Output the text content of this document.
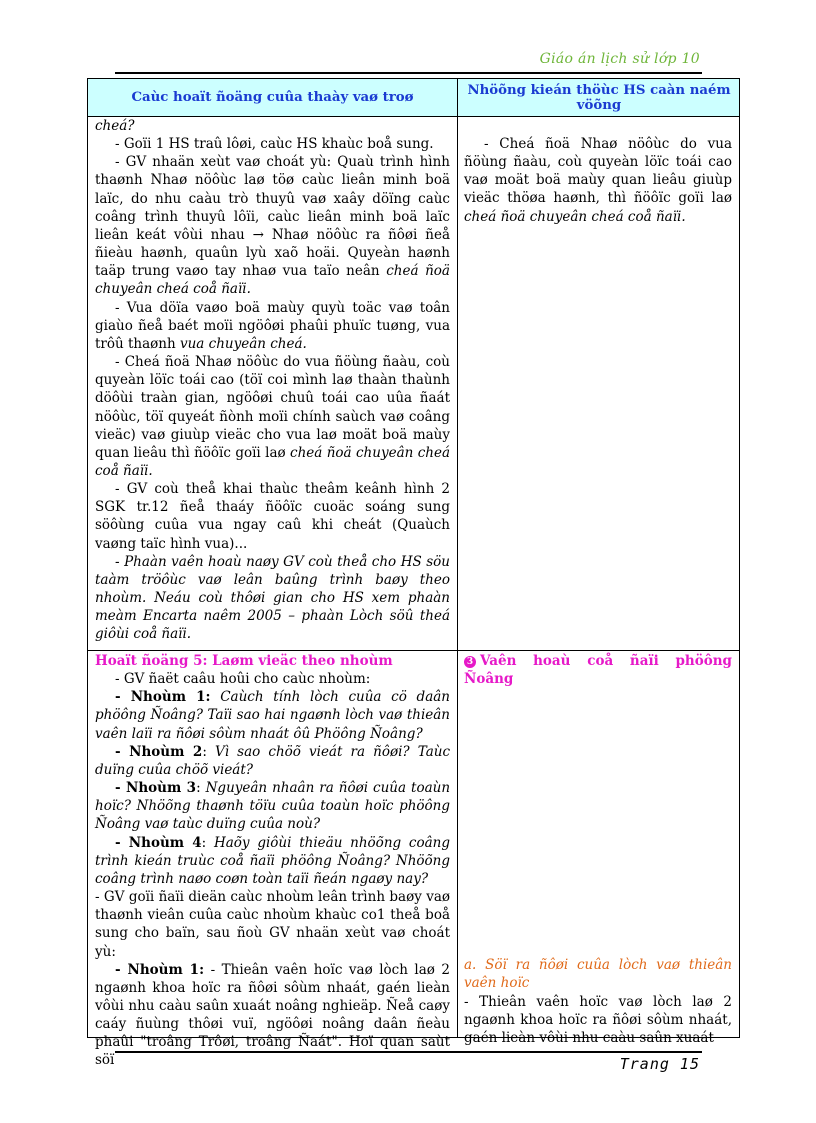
Giáo án lịch sử lớp 10
Caùc hoaït ñoäng cuûa thaày vaø troø	Nhöõng kieán thöùc HS caàn naém vöõng

cheá?

- Goïi 1 HS traû lôøi, caùc HS khaùc boå sung.

- GV nhaän xeùt vaø choát yù: Quaù trình hình thaønh Nhaø nöôùc laø töø caùc lieân minh boä laïc, do nhu caàu trò thuyû vaø xaây döïng caùc coâng trình thuyû lôïi, caùc lieân minh boä laïc lieân keát vôùi nhau → Nhaø nöôùc ra ñôøi ñeå ñieàu haønh, quaûn lyù xaõ hoäi. Quyeàn haønh taäp trung vaøo tay nhaø vua taïo neân cheá ñoä chuyeân cheá coå ñaïi.

- Vua döïa vaøo boä maùy quyù toäc vaø toân giaùo ñeå baét moïi ngöôøi phaûi phuïc tuøng, vua trôû thaønh vua chuyeân cheá.

- Cheá ñoä Nhaø nöôùc do vua ñöùng ñaàu, coù quyeàn löïc toái cao (töï coi mình laø thaàn thaùnh döôùi traàn gian, ngöôøi chuû toái cao uûa ñaát nöôùc, töï quyeát ñònh moïi chính saùch vaø coâng vieäc) vaø giuùp vieäc cho vua laø moät boä maùy quan lieâu thì ñöôïc goïi laø cheá ñoä chuyeân cheá coå ñaïi.

- GV coù theå khai thaùc theâm keânh hình 2 SGK tr.12 ñeå thaáy ñöôïc cuoäc soáng sung söôùng cuûa vua ngay caû khi cheát (Quaùch vaøng taïc hình vua)...

- Phaàn vaên hoaù naøy GV coù theå cho HS söu taàm tröôùc vaø leân baûng trình baøy theo nhoùm. Neáu coù thôøi gian cho HS xem phaàn meàm Encarta naêm 2005 – phaàn Lòch söû theá giôùi coå ñaïi.

- Cheá ñoä Nhaø nöôùc do vua ñöùng ñaàu, coù quyeàn löïc toái cao vaø moät boä maùy quan lieâu giuùp vieäc thöøa haønh, thì ñöôïc goïi laø cheá ñoä chuyeân cheá coå ñaïi.

Hoaït ñoäng 5: Laøm vieäc theo nhoùm

- GV ñaët caâu hoûi cho caùc nhoùm:

- Nhoùm 1: Caùch tính lòch cuûa cö daân phöông Ñoâng? Taïi sao hai ngaønh lòch vaø thieân vaên laïi ra ñôøi sôùm nhaát ôû Phöông Ñoâng?

- Nhoùm 2: Vì sao chöõ vieát ra ñôøi? Taùc duïng cuûa chöõ vieát?

- Nhoùm 3: Nguyeân nhaân ra ñôøi cuûa toaùn hoïc? Nhöõng thaønh töïu cuûa toaùn hoïc phöông Ñoâng vaø taùc duïng cuûa noù?

- Nhoùm 4: Haõy giôùi thieäu nhöõng coâng trình kieán truùc coå ñaïi phöông Ñoâng? Nhöõng coâng trình naøo coøn toàn taïi ñeán ngaøy nay?

- GV goïi ñaïi dieän caùc nhoùm leân trình baøy vaø thaønh vieân cuûa caùc nhoùm khaùc co1 theå boå sung cho baïn, sau ñoù GV nhaän xeùt vaø choát yù:

- Nhoùm 1: - Thieân vaên hoïc vaø lòch laø 2 ngaønh khoa hoïc ra ñôøi sôùm nhaát, gaén lieàn vôùi nhu caàu saûn xuaát noâng nghieäp. Ñeå caøy caáy ñuùng thôøi vuï, ngöôøi noâng daân ñeàu phaûi "troâng Trôøi, troâng Ñaát". Hoï quan saùt söï

3 Vaên hoaù coå ñaïi phöông Ñoâng

a. Söï ra ñôøi cuûa lòch vaø thieân vaên hoïc

- Thieân vaên hoïc vaø lòch laø 2 ngaønh khoa hoïc ra ñôøi sôùm nhaát, gaén lieàn vôùi nhu caàu saûn xuaát

Trang 15
